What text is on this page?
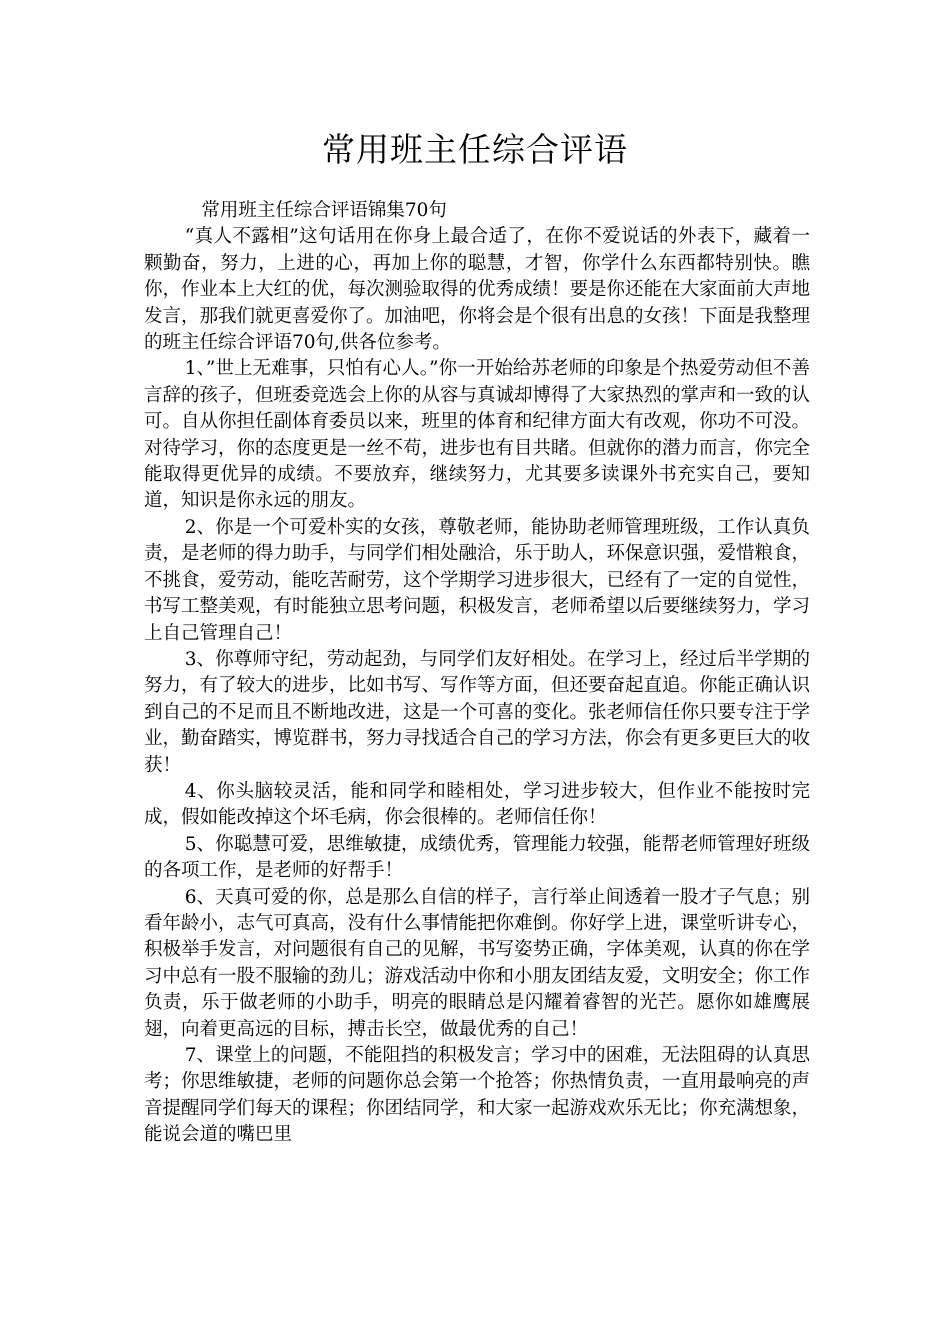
常用班主任综合评语

常用班主任综合评语锦集70句

“真人不露相”这句话用在你身上最合适了，在你不爱说话的外表下，藏着一颗勤奋，努力，上进的心，再加上你的聪慧，才智，你学什么东西都特别快。瞧你，作业本上大红的优，每次测验取得的优秀成绩！要是你还能在大家面前大声地发言，那我们就更喜爱你了。加油吧，你将会是个很有出息的女孩！下面是我整理的班主任综合评语70句,供各位参考。

1、”世上无难事，只怕有心人。”你一开始给苏老师的印象是个热爱劳动但不善言辞的孩子，但班委竞选会上你的从容与真诚却博得了大家热烈的掌声和一致的认可。自从你担任副体育委员以来，班里的体育和纪律方面大有改观，你功不可没。对待学习，你的态度更是一丝不苟，进步也有目共睹。但就你的潜力而言，你完全能取得更优异的成绩。不要放弃，继续努力，尤其要多读课外书充实自己，要知道，知识是你永远的朋友。

2、你是一个可爱朴实的女孩，尊敬老师，能协助老师管理班级，工作认真负责，是老师的得力助手，与同学们相处融洽，乐于助人，环保意识强，爱惜粮食，不挑食，爱劳动，能吃苦耐劳，这个学期学习进步很大，已经有了一定的自觉性，书写工整美观，有时能独立思考问题，积极发言，老师希望以后要继续努力，学习上自己管理自己！

3、你尊师守纪，劳动起劲，与同学们友好相处。在学习上，经过后半学期的努力，有了较大的进步，比如书写、写作等方面，但还要奋起直追。你能正确认识到自己的不足而且不断地改进，这是一个可喜的变化。张老师信任你只要专注于学业，勤奋踏实，博览群书，努力寻找适合自己的学习方法，你会有更多更巨大的收获！

4、你头脑较灵活，能和同学和睦相处，学习进步较大，但作业不能按时完成，假如能改掉这个坏毛病，你会很棒的。老师信任你！

5、你聪慧可爱，思维敏捷，成绩优秀，管理能力较强，能帮老师管理好班级的各项工作，是老师的好帮手！

6、天真可爱的你，总是那么自信的样子，言行举止间透着一股才子气息；别看年龄小，志气可真高，没有什么事情能把你难倒。你好学上进，课堂听讲专心，积极举手发言，对问题很有自己的见解，书写姿势正确，字体美观，认真的你在学习中总有一股不服输的劲儿；游戏活动中你和小朋友团结友爱，文明安全；你工作负责，乐于做老师的小助手，明亮的眼睛总是闪耀着睿智的光芒。愿你如雄鹰展翅，向着更高远的目标，搏击长空，做最优秀的自己！

7、课堂上的问题，不能阻挡的积极发言；学习中的困难，无法阻碍的认真思考；你思维敏捷，老师的问题你总会第一个抢答；你热情负责，一直用最响亮的声音提醒同学们每天的课程；你团结同学，和大家一起游戏欢乐无比；你充满想象，能说会道的嘴巴里
